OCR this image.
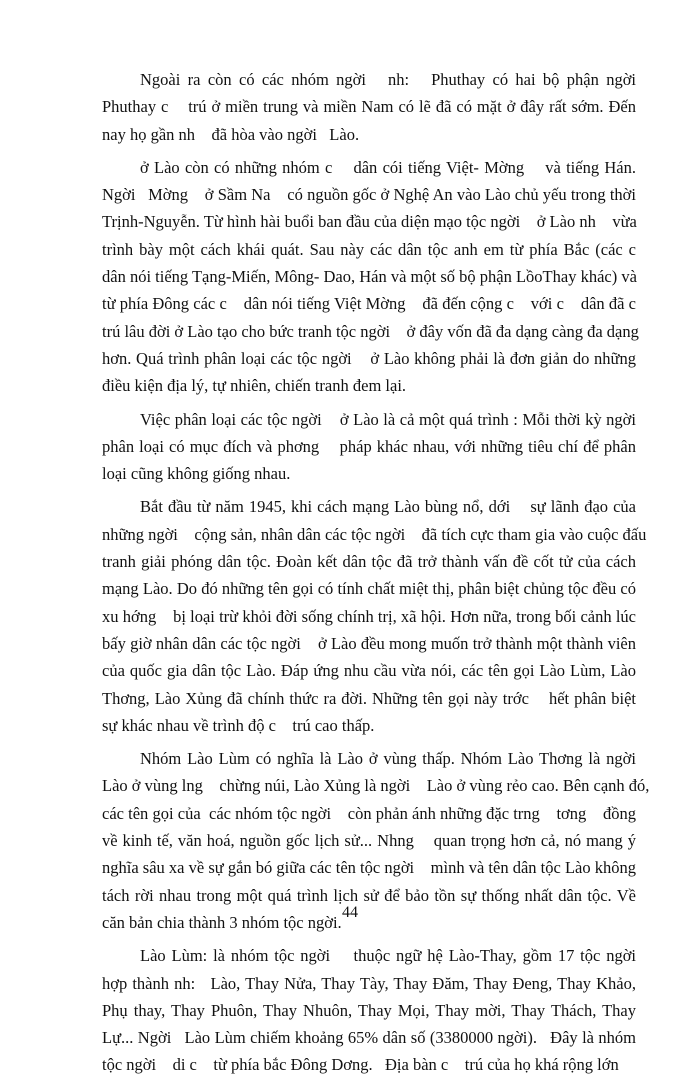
Ngoài ra còn có các nhóm ngời   nh:   Phuthay có hai bộ phận ngời
Phuthay c    trú ở miền trung và miền Nam có lẽ đã có mặt ở đây rất sớm. Đến
nay họ gần nh    đã hòa vào ngời   Lào.
ở Lào còn có những nhóm c    dân cói tiếng Việt- Mờng    và tiếng Hán.
Ngời   Mờng    ở Sầm Na    có nguồn gốc ở Nghệ An vào Lào chủ yếu trong thời
Trịnh-Nguyễn. Từ hình hài buổi ban đầu của diện mạo tộc ngời    ở Lào nh    vừa
trình bày một cách khái quát. Sau này các dân tộc anh em từ phía Bắc (các c
dân nói tiếng Tạng-Miến, Mông- Dao, Hán và một số bộ phận LồoThay khác) và
từ phía Đông các c    dân nói tiếng Việt Mờng    đã đến cộng c    với c    dân đã c
trú lâu đời ở Lào tạo cho bức tranh tộc ngời    ở đây vốn đã đa dạng càng đa dạng
hơn. Quá trình phân loại các tộc ngời    ở Lào không phải là đơn giản do những
điều kiện địa lý, tự nhiên, chiến tranh đem lại.
Việc phân loại các tộc ngời    ở Lào là cả một quá trình : Mỗi thời kỳ ngời
phân loại có mục đích và phơng    pháp khác nhau, với những tiêu chí để phân
loại cũng không giống nhau.
Bắt đầu từ năm 1945, khi cách mạng Lào bùng nổ, dới    sự lãnh đạo của
những ngời    cộng sản, nhân dân các tộc ngời    đã tích cực tham gia vào cuộc đấu
tranh giải phóng dân tộc. Đoàn kết dân tộc đã trở thành vấn đề cốt tử của cách
mạng Lào. Do đó những tên gọi có tính chất miệt thị, phân biệt chủng tộc đều có
xu hớng    bị loại trừ khỏi đời sống chính trị, xã hội. Hơn nữa, trong bối cảnh lúc
bấy giờ nhân dân các tộc ngời    ở Lào đều mong muốn trở thành một thành viên
của quốc gia dân tộc Lào. Đáp ứng nhu cầu vừa nói, các tên gọi Lào Lùm, Lào
Thơng, Lào Xủng đã chính thức ra đời. Những tên gọi này trớc    hết phân biệt
sự khác nhau về trình độ c    trú cao thấp.
Nhóm Lào Lùm có nghĩa là Lào ở vùng thấp. Nhóm Lào Thơng là ngời
Lào ở vùng lng    chừng núi, Lào Xủng là ngời    Lào ở vùng rẻo cao. Bên cạnh đó,
các tên gọi của  các nhóm tộc ngời    còn phản ánh những đặc trng    tơng    đồng
về kinh tế, văn hoá, nguồn gốc lịch sử... Nhng    quan trọng hơn cả, nó mang ý
nghĩa sâu xa về sự gắn bó giữa các tên tộc ngời    mình và tên dân tộc Lào không
tách rời nhau trong một quá trình lịch sử để bảo tồn sự thống nhất dân tộc. Về
căn bản chia thành 3 nhóm tộc ngời.
Lào Lùm: là nhóm tộc ngời    thuộc ngữ hệ Lào-Thay, gồm 17 tộc ngời
hợp thành nh:   Lào, Thay Nửa, Thay Tày, Thay Đăm, Thay Đeng, Thay Khảo,
Phụ thay, Thay Phuôn, Thay Nhuôn, Thay Mọi, Thay mời, Thay Thách, Thay
Lự... Ngời   Lào Lùm chiếm khoảng 65% dân số (3380000 ngời).   Đây là nhóm
tộc ngời    di c    từ phía bắc Đông Dơng.   Địa bàn c    trú của họ khá rộng lớn
44
